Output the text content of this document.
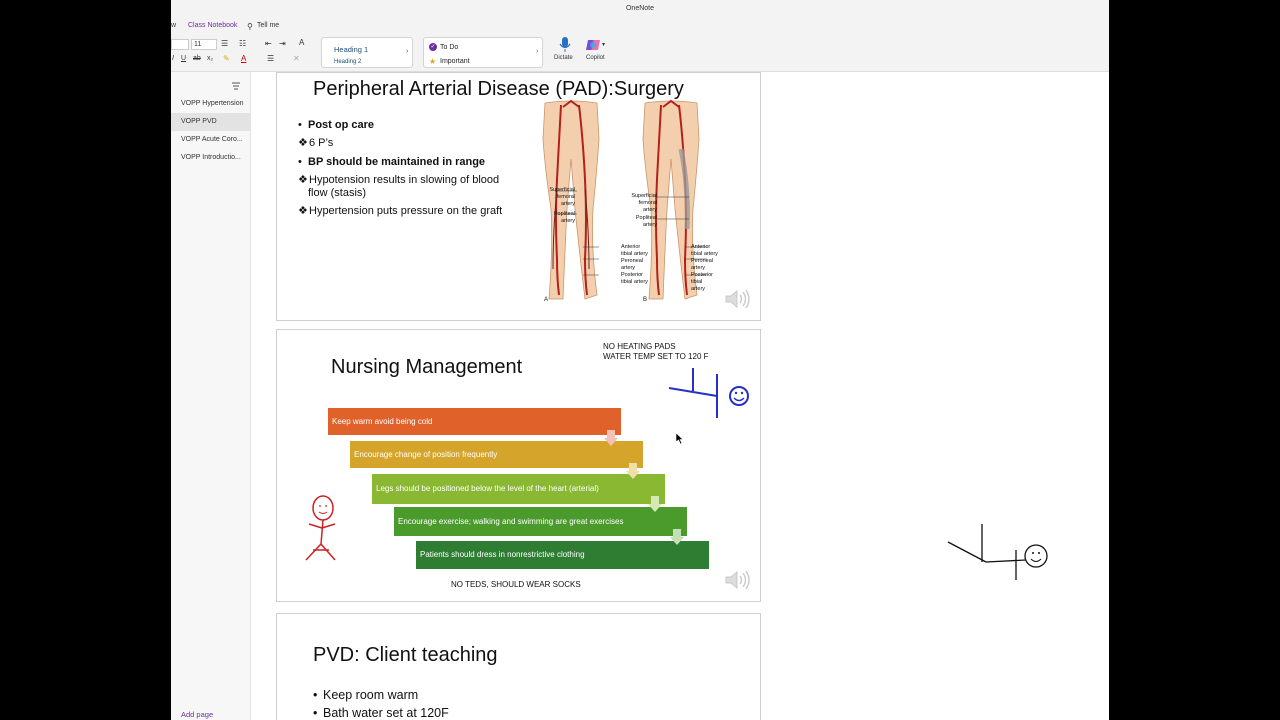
OneNote
w Class Notebook ⚲ Tell me
11	☰ ☷ ⇤ ⇥ A
I U ab x₂ ✎ A	☰ ✕
Heading 1
Heading 2
›
✓ To Do
★ Important
›
Dictate
▾
Copilot
VOPP Hypertension
VOPP PVD
VOPP Acute Coro...
VOPP Introductio...
Add page
Peripheral Arterial Disease (PAD):Surgery
• Post op care
❖ 6 P’s
• BP should be maintained in range
❖ Hypotension results in slowing of blood
flow (stasis)
❖ Hypertension puts pressure on the graft
Superficial
femoral
artery
Popliteal
artery
Superficial
femoral
artery
Popliteal
artery
Anterior
tibial artery
Peroneal
artery
Posterior
tibial artery
Anterior
tibial artery
Peroneal
artery
Posterior
tibial
artery
A	B
Nursing Management
NO HEATING PADS
WATER TEMP SET TO 120 F
Keep warm avoid being cold
Encourage change of position frequently
Legs should be positioned below the level of the heart (arterial)
Encourage exercise; walking and swimming are great exercises
Patients should dress in nonrestrictive clothing
NO TEDS, SHOULD WEAR SOCKS
PVD: Client teaching
• Keep room warm
• Bath water set at 120F
